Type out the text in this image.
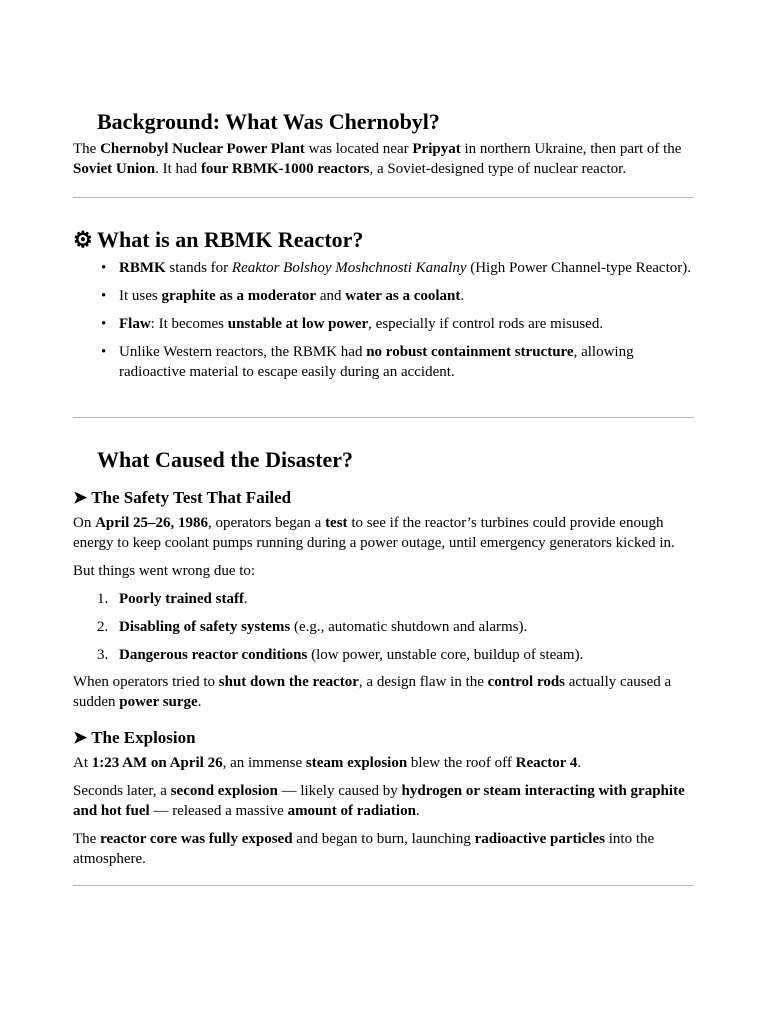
Background: What Was Chernobyl?

The Chernobyl Nuclear Power Plant was located near Pripyat in northern Ukraine, then part of the Soviet Union. It had four RBMK-1000 reactors, a Soviet-designed type of nuclear reactor.

⚙ What is an RBMK Reactor?
• RBMK stands for Reaktor Bolshoy Moshchnosti Kanalny (High Power Channel-type Reactor).
• It uses graphite as a moderator and water as a coolant.
• Flaw: It becomes unstable at low power, especially if control rods are misused.
• Unlike Western reactors, the RBMK had no robust containment structure, allowing radioactive material to escape easily during an accident.
What Caused the Disaster?
➤ The Safety Test That Failed

On April 25–26, 1986, operators began a test to see if the reactor’s turbines could provide enough energy to keep coolant pumps running during a power outage, until emergency generators kicked in.

But things went wrong due to:

1. Poorly trained staff.
2. Disabling of safety systems (e.g., automatic shutdown and alarms).
3. Dangerous reactor conditions (low power, unstable core, buildup of steam).

When operators tried to shut down the reactor, a design flaw in the control rods actually caused a sudden power surge.

➤ The Explosion

At 1:23 AM on April 26, an immense steam explosion blew the roof off Reactor 4.

Seconds later, a second explosion — likely caused by hydrogen or steam interacting with graphite and hot fuel — released a massive amount of radiation.

The reactor core was fully exposed and began to burn, launching radioactive particles into the atmosphere.
